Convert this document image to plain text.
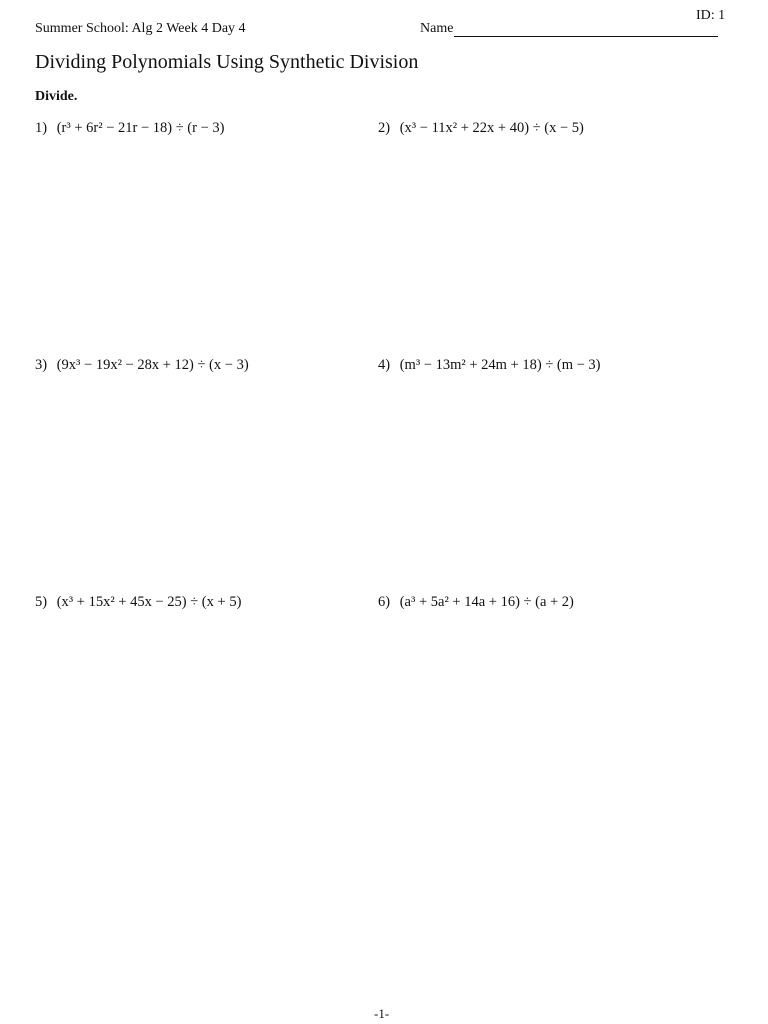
ID: 1
Summer School: Alg 2 Week 4 Day 4	Name
Dividing Polynomials Using Synthetic Division
Divide.
1) (r³ + 6r² − 21r − 18) ÷ (r − 3)	2) (x³ − 11x² + 22x + 40) ÷ (x − 5)
3) (9x³ − 19x² − 28x + 12) ÷ (x − 3)	4) (m³ − 13m² + 24m + 18) ÷ (m − 3)
5) (x³ + 15x² + 45x − 25) ÷ (x + 5)	6) (a³ + 5a² + 14a + 16) ÷ (a + 2)
-1-
